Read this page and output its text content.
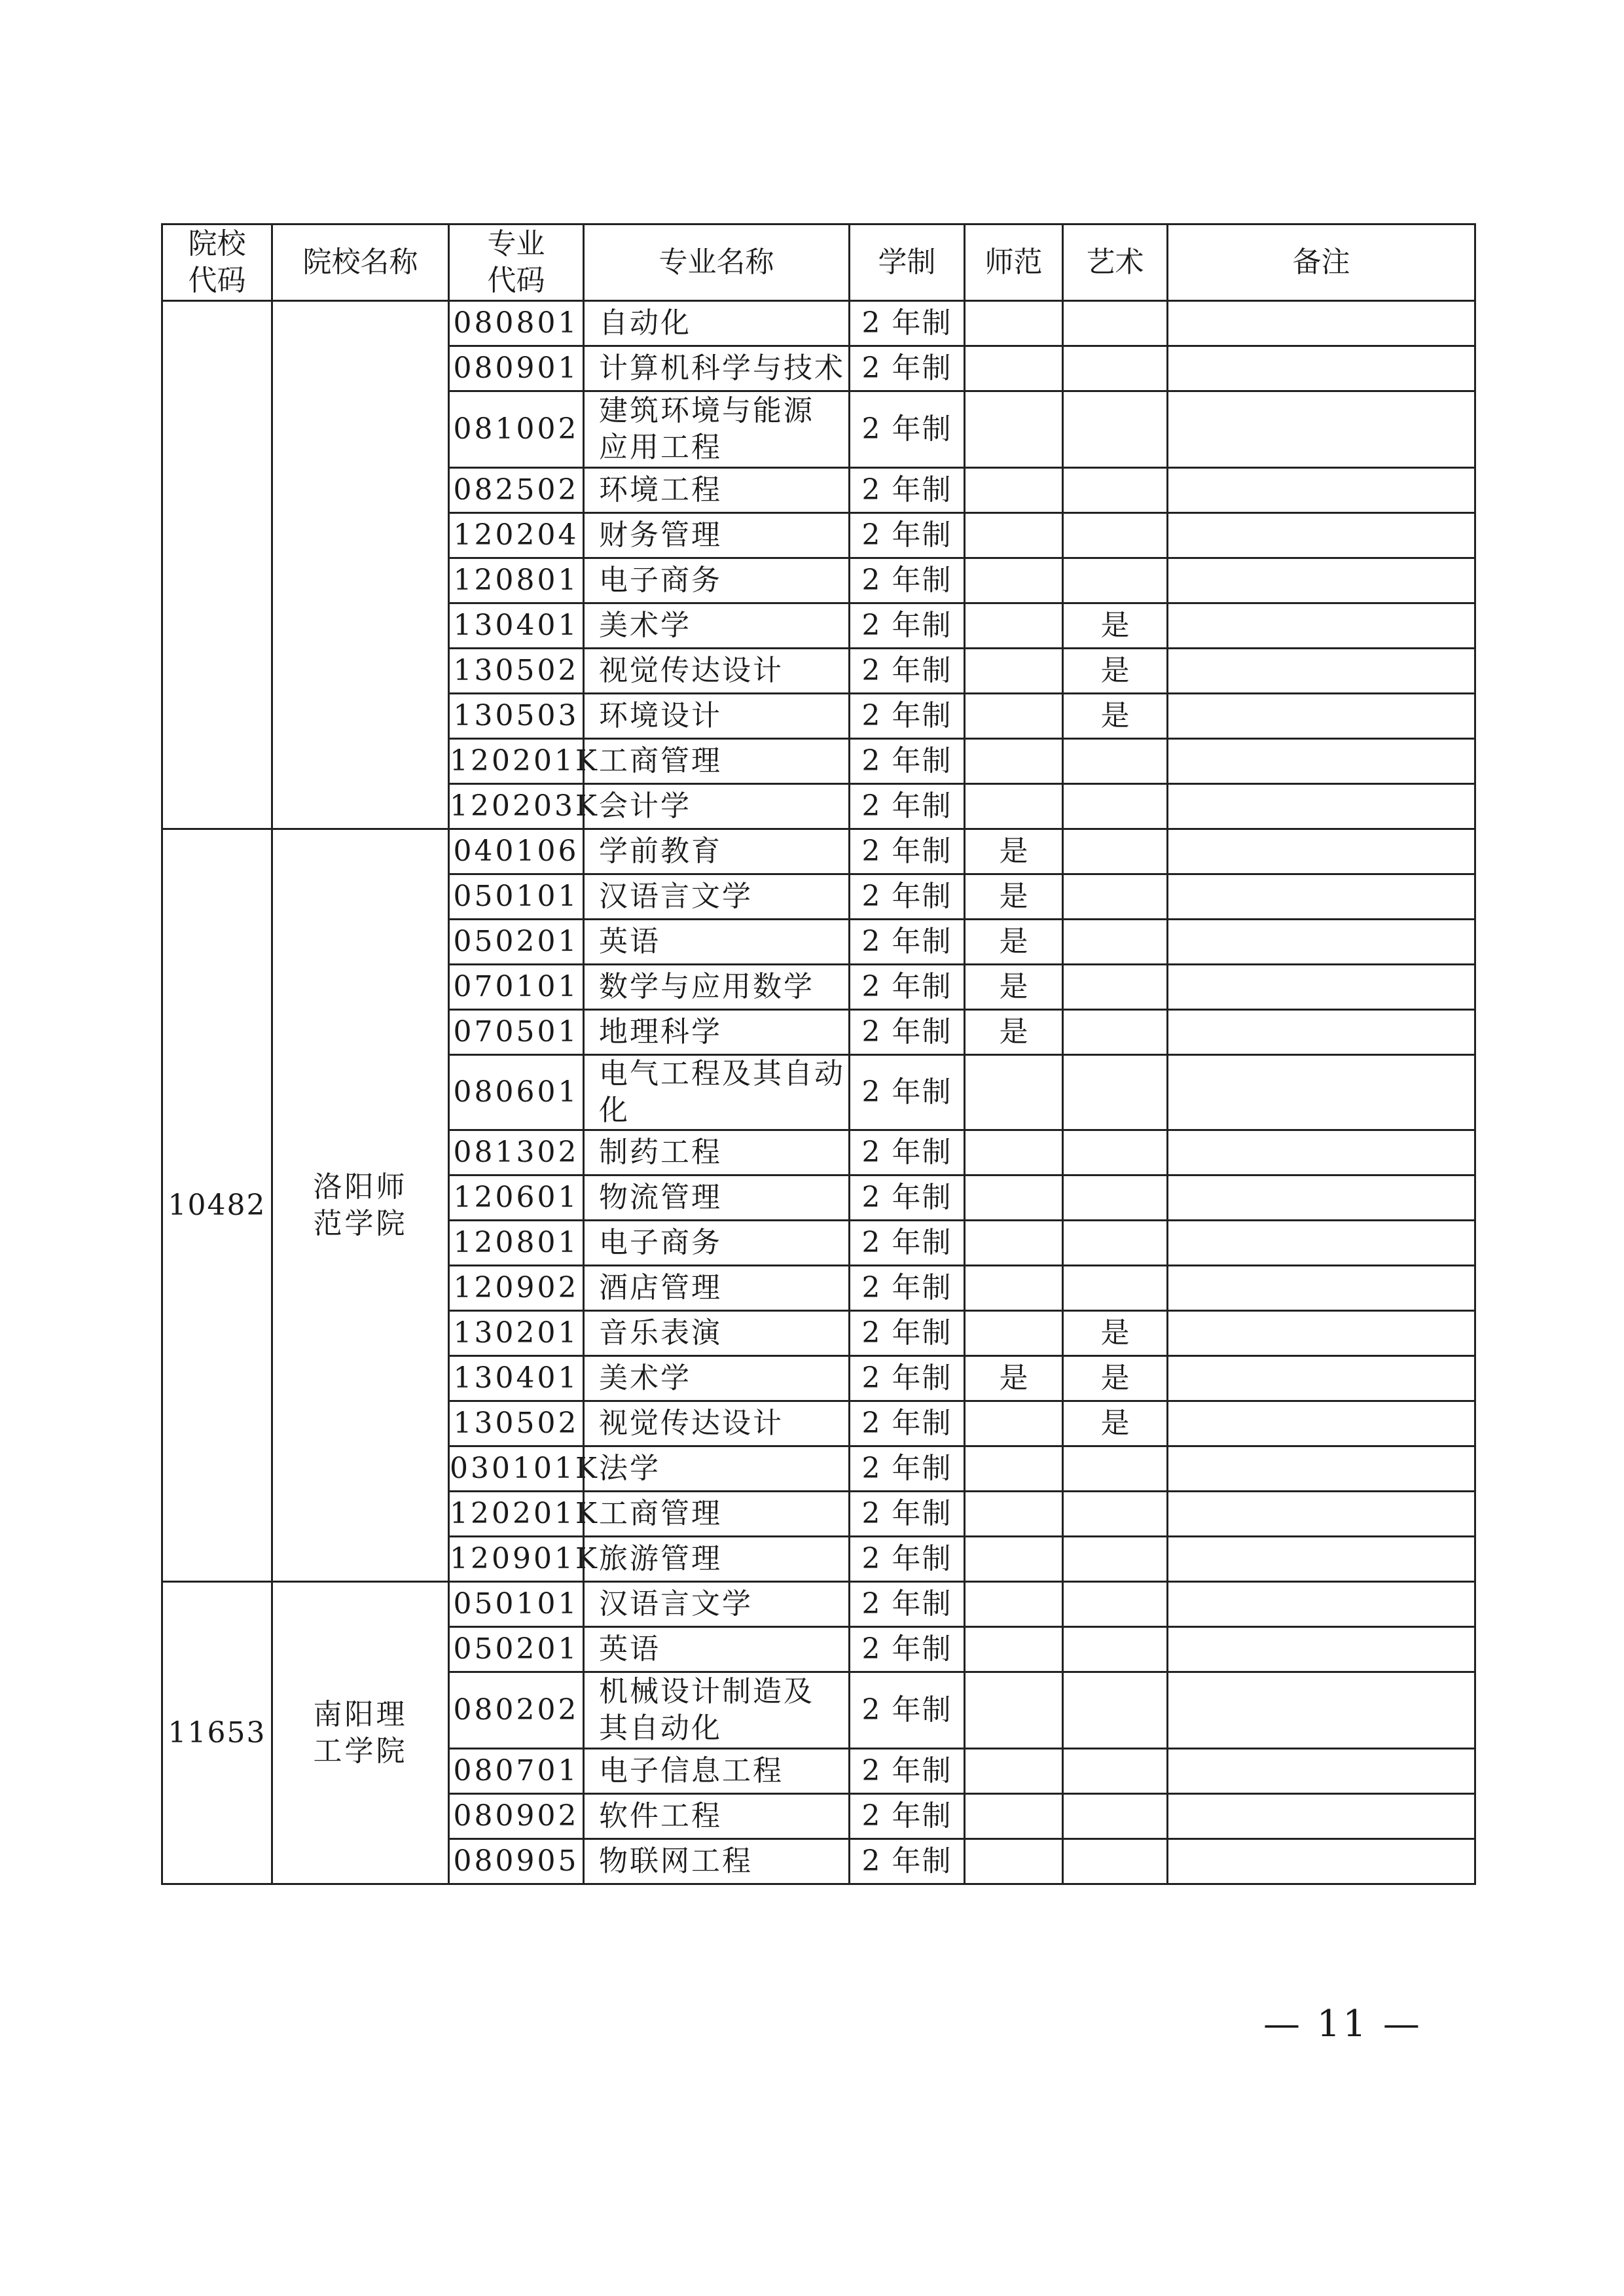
院校代码	院校名称	专业代码	专业名称	学制	师范	艺术	备注
		080801	自动化	2 年制			
		080901	计算机科学与技术	2 年制			
		081002	建筑环境与能源应用工程	2 年制			
		082502	环境工程	2 年制			
		120204	财务管理	2 年制			
		120801	电子商务	2 年制			
		130401	美术学	2 年制		是	
		130502	视觉传达设计	2 年制		是	
		130503	环境设计	2 年制		是	
		120201K	工商管理	2 年制			
		120203K	会计学	2 年制			
10482	洛阳师范学院	040106	学前教育	2 年制	是		
		050101	汉语言文学	2 年制	是		
		050201	英语	2 年制	是		
		070101	数学与应用数学	2 年制	是		
		070501	地理科学	2 年制	是		
		080601	电气工程及其自动化	2 年制			
		081302	制药工程	2 年制			
		120601	物流管理	2 年制			
		120801	电子商务	2 年制			
		120902	酒店管理	2 年制			
		130201	音乐表演	2 年制		是	
		130401	美术学	2 年制	是	是	
		130502	视觉传达设计	2 年制		是	
		030101K	法学	2 年制			
		120201K	工商管理	2 年制			
		120901K	旅游管理	2 年制			
11653	南阳理工学院	050101	汉语言文学	2 年制			
		050201	英语	2 年制			
		080202	机械设计制造及其自动化	2 年制			
		080701	电子信息工程	2 年制			
		080902	软件工程	2 年制			
		080905	物联网工程	2 年制			
— 11 —
